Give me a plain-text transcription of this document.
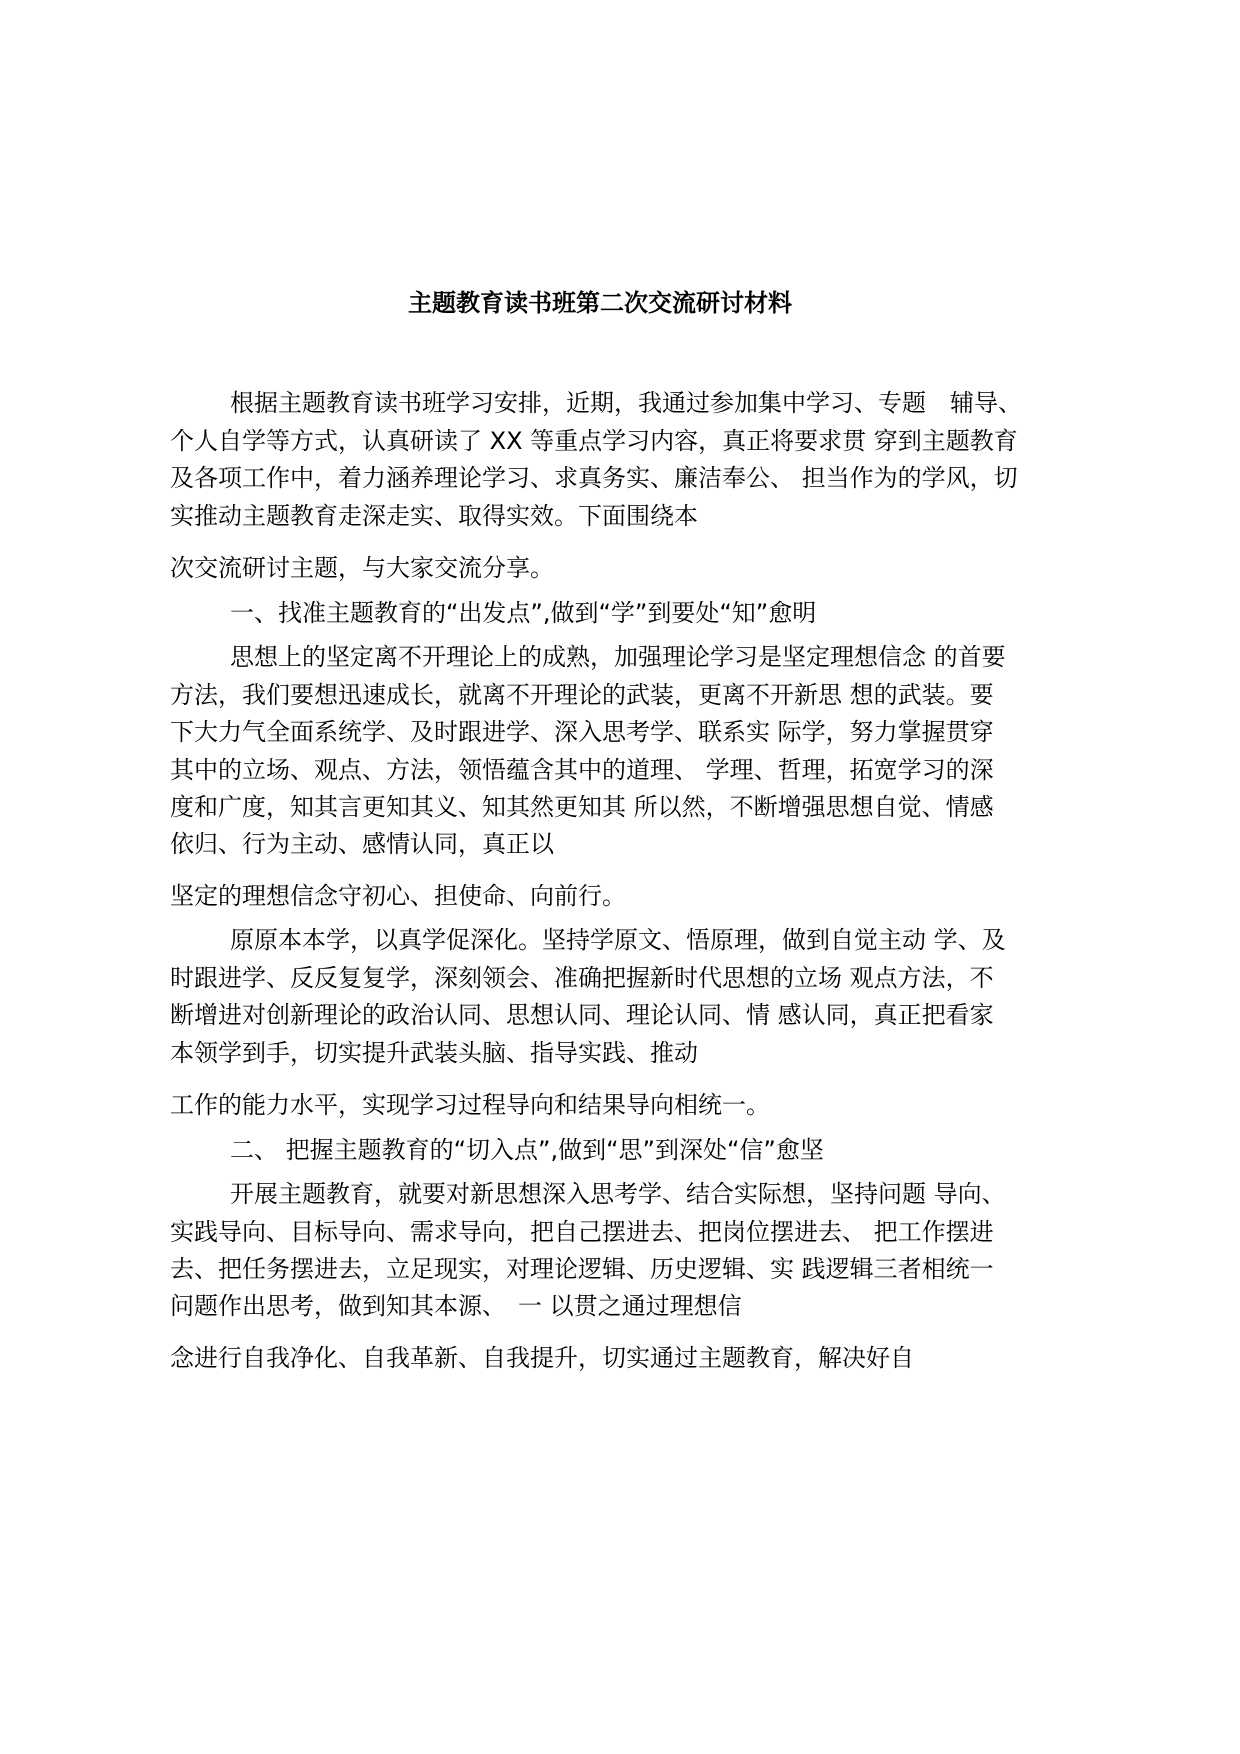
主题教育读书班第二次交流研讨材料

根据主题教育读书班学习安排，近期，我通过参加集中学习、专题　辅导、

个人自学等方式，认真研读了 XX 等重点学习内容，真正将要求贯 穿到主题教育

及各项工作中，着力涵养理论学习、求真务实、廉洁奉公、 担当作为的学风，切

实推动主题教育走深走实、取得实效。下面围绕本

次交流研讨主题，与大家交流分享。

一、找准主题教育的“出发点”,做到“学”到要处“知”愈明

思想上的坚定离不开理论上的成熟，加强理论学习是坚定理想信念 的首要

方法，我们要想迅速成长，就离不开理论的武装，更离不开新思 想的武装。要

下大力气全面系统学、及时跟进学、深入思考学、联系实 际学，努力掌握贯穿

其中的立场、观点、方法，领悟蕴含其中的道理、 学理、哲理，拓宽学习的深

度和广度，知其言更知其义、知其然更知其 所以然，不断增强思想自觉、情感

依归、行为主动、感情认同，真正以

坚定的理想信念守初心、担使命、向前行。

原原本本学，以真学促深化。坚持学原文、悟原理，做到自觉主动 学、及

时跟进学、反反复复学，深刻领会、准确把握新时代思想的立场 观点方法，不

断增进对创新理论的政治认同、思想认同、理论认同、情 感认同，真正把看家

本领学到手，切实提升武装头脑、指导实践、推动

工作的能力水平，实现学习过程导向和结果导向相统一。

二、 把握主题教育的“切入点”,做到“思”到深处“信”愈坚

开展主题教育，就要对新思想深入思考学、结合实际想，坚持问题 导向、

实践导向、目标导向、需求导向，把自己摆进去、把岗位摆进去、 把工作摆进

去、把任务摆进去，立足现实，对理论逻辑、历史逻辑、实 践逻辑三者相统一

问题作出思考，做到知其本源、　一 以贯之通过理想信

念进行自我净化、自我革新、自我提升，切实通过主题教育，解决好自
